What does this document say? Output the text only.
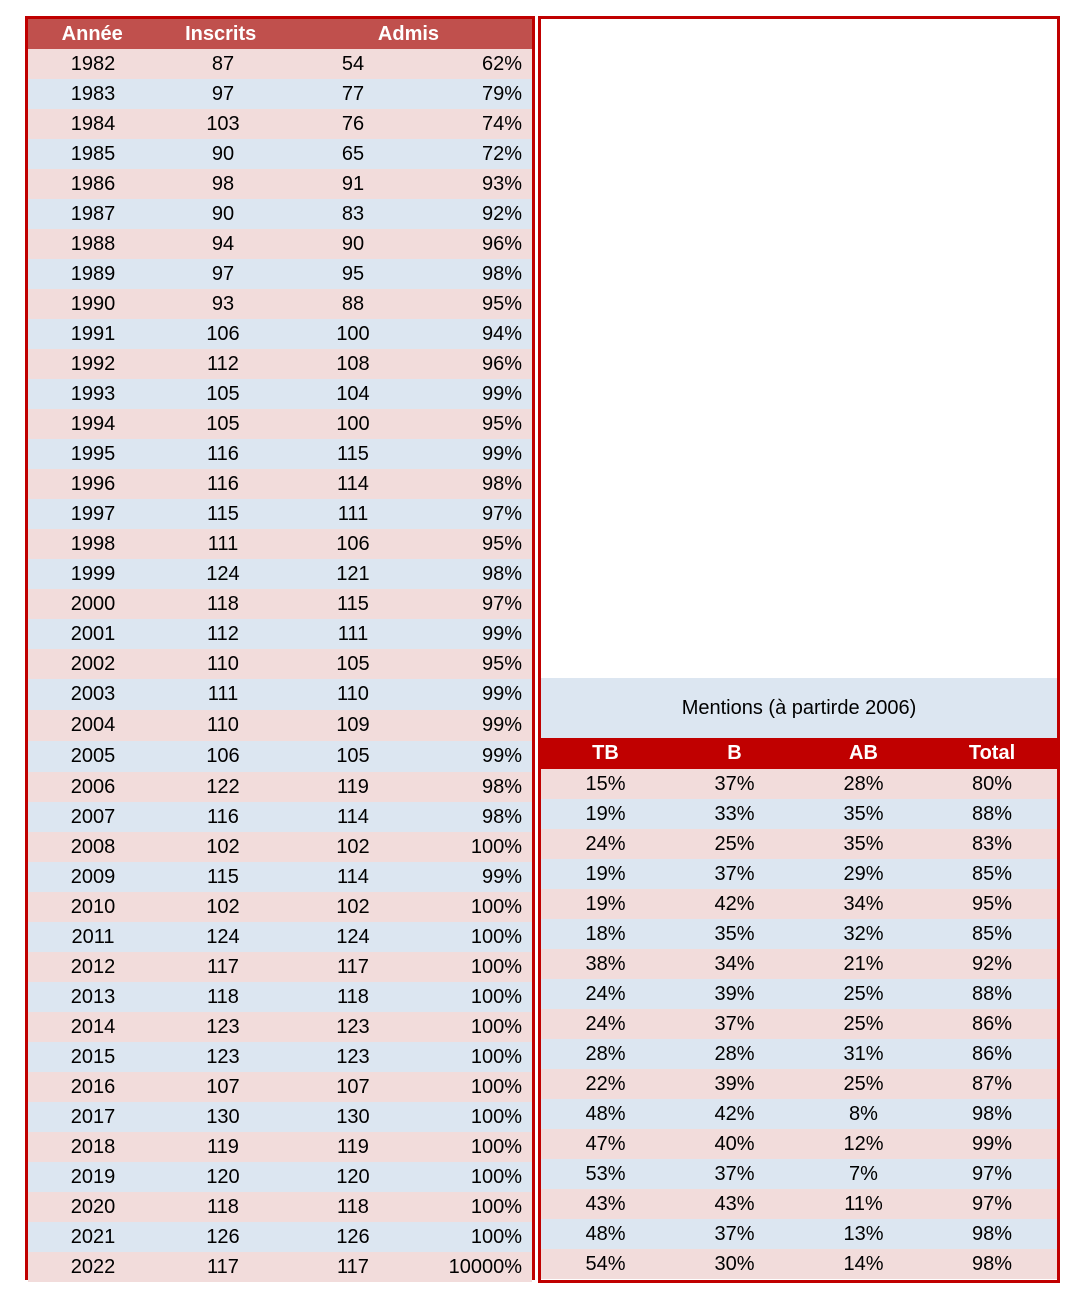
Année	Inscrits	Admis
1982	87	54	62%
1983	97	77	79%
1984	103	76	74%
1985	90	65	72%
1986	98	91	93%
1987	90	83	92%
1988	94	90	96%
1989	97	95	98%
1990	93	88	95%
1991	106	100	94%
1992	112	108	96%
1993	105	104	99%
1994	105	100	95%
1995	116	115	99%
1996	116	114	98%
1997	115	111	97%
1998	111	106	95%
1999	124	121	98%
2000	118	115	97%
2001	112	111	99%
2002	110	105	95%
2003	111	110	99%
2004	110	109	99%
2005	106	105	99%
2006	122	119	98%
2007	116	114	98%
2008	102	102	100%
2009	115	114	99%
2010	102	102	100%
2011	124	124	100%
2012	117	117	100%
2013	118	118	100%
2014	123	123	100%
2015	123	123	100%
2016	107	107	100%
2017	130	130	100%
2018	119	119	100%
2019	120	120	100%
2020	118	118	100%
2021	126	126	100%
2022	117	117	10000%
Mentions (à partirde 2006)
TB	B	AB	Total
15%	37%	28%	80%
19%	33%	35%	88%
24%	25%	35%	83%
19%	37%	29%	85%
19%	42%	34%	95%
18%	35%	32%	85%
38%	34%	21%	92%
24%	39%	25%	88%
24%	37%	25%	86%
28%	28%	31%	86%
22%	39%	25%	87%
48%	42%	8%	98%
47%	40%	12%	99%
53%	37%	7%	97%
43%	43%	11%	97%
48%	37%	13%	98%
54%	30%	14%	98%
